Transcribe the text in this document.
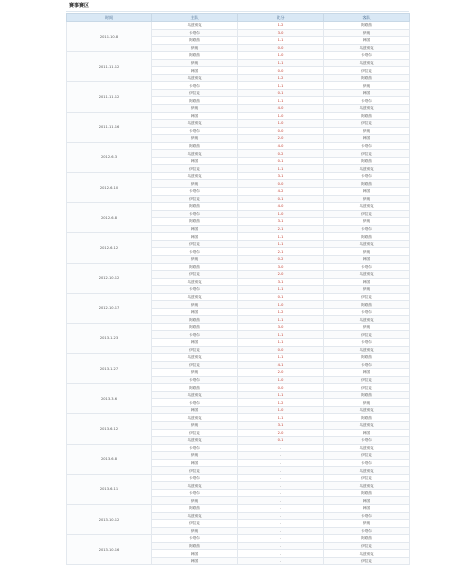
赛事赛区
时间	主队	比分	客队
2011.10.8	乌兹别克	1-2	阿联酋
	卡塔尔	3-0	伊朗
	阿联酋	1-1	韩国
	伊朗	0-0	乌兹别克
2011.11.12	阿联酋	1-0	卡塔尔
	伊朗	1-1	乌兹别克
	韩国	0-0	伊拉克
	乌兹别克	1-2	阿联酋
2011.11.12	卡塔尔	1-1	伊朗
	伊拉克	0-1	韩国
	阿联酋	1-1	卡塔尔
	伊朗	4-0	乌兹别克
2011.11.16	韩国	1-0	阿联酋
	乌兹别克	1-0	伊拉克
	卡塔尔	0-0	伊朗
	伊朗	2-0	韩国
2012.6.3	阿联酋	4-0	卡塔尔
	乌兹别克	0-2	伊拉克
	韩国	0-1	阿联酋
	伊拉克	1-1	乌兹别克
2012.6.10	乌兹别克	3-1	卡塔尔
	伊朗	0-0	阿联酋
	卡塔尔	4-2	韩国
	伊拉克	0-1	伊朗
2012.6.8	阿联酋	4-0	乌兹别克
	卡塔尔	1-0	伊拉克
	阿联酋	3-1	伊朗
	韩国	2-1	卡塔尔
2012.6.12	韩国	1-1	阿联酋
	伊拉克	1-1	乌兹别克
	卡塔尔	2-1	伊朗
	伊朗	0-2	韩国
2012.10.12	阿联酋	3-0	卡塔尔
	伊拉克	2-0	乌兹别克
	乌兹别克	3-1	韩国
	卡塔尔	1-1	伊朗
2012.10.17	乌兹别克	0-1	伊拉克
	伊朗	1-0	阿联酋
	韩国	1-2	卡塔尔
	阿联酋	1-1	乌兹别克
2013.1.23	阿联酋	3-0	伊朗
	卡塔尔	1-1	伊拉克
	韩国	1-1	卡塔尔
	伊拉克	0-0	乌兹别克
2013.1.27	乌兹别克	1-1	阿联酋
	伊拉克	4-1	卡塔尔
	伊朗	2-0	韩国
	卡塔尔	1-0	伊拉克
2013.3.6	阿联酋	0-0	伊拉克
	乌兹别克	1-1	阿联酋
	卡塔尔	1-2	伊朗
	韩国	1-0	乌兹别克
2013.6.12	乌兹别克	1-1	阿联酋
	伊朗	3-1	乌兹别克
	伊拉克	2-0	韩国
	乌兹别克	0-1	卡塔尔
2013.6.8	卡塔尔	-	乌兹别克
	伊朗	-	伊拉克
	韩国	-	卡塔尔
	伊拉克	-	乌兹别克
2013.6.11	卡塔尔	-	伊拉克
	乌兹别克	-	乌兹别克
	卡塔尔	-	阿联酋
	伊朗	-	韩国
2013.10.12	阿联酋	-	韩国
	乌兹别克	-	卡塔尔
	伊拉克	-	伊朗
	伊朗	-	卡塔尔
2013.10.16	卡塔尔	-	阿联酋
	阿联酋	-	伊拉克
	韩国	-	乌兹别克
	韩国	-	伊拉克
